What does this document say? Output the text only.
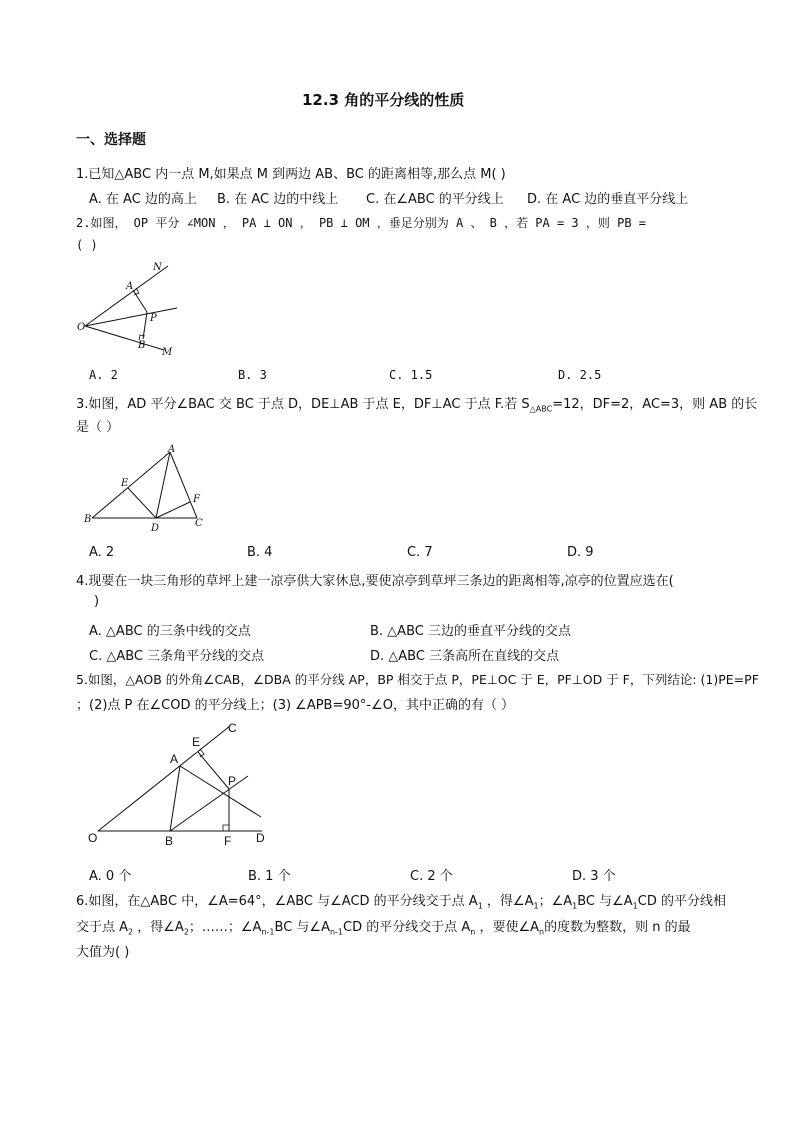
12.3 角的平分线的性质
一、选择题
1.已知△ABC 内一点 M,如果点 M 到两边 AB、BC 的距离相等,那么点 M( )
A. 在 AC 边的高上 B. 在 AC 边的中线上 C. 在∠ABC 的平分线上 D. 在 AC 边的垂直平分线上
2.如图， OP 平分 ∠MON ， PA ⊥ ON ， PB ⊥ OM ，垂足分别为 A 、 B ，若 PA = 3 ，则 PB =
( )
N
A
P
O
B
M
A. 2	B. 3	C. 1.5	D. 2.5
3.如图，AD 平分∠BAC 交 BC 于点 D，DE⊥AB 于点 E，DF⊥AC 于点 F.若 $S_{\triangle ABC}=12$，DF=2，AC=3，则 AB 的长
是（ ）
A
E
F
B
D	C
A. 2	B. 4	C. 7	D. 9
4.现要在一块三角形的草坪上建一凉亭供大家休息,要使凉亭到草坪三条边的距离相等,凉亭的位置应选在(
)
A. △ABC 的三条中线的交点	B. △ABC 三边的垂直平分线的交点
C. △ABC 三条角平分线的交点	D. △ABC 三条高所在直线的交点
5.如图，△AOB 的外角∠CAB，∠DBA 的平分线 AP，BP 相交于点 P，PE⊥OC 于 E，PF⊥OD 于 F，下列结论: (1)PE=PF
；(2)点 P 在∠COD 的平分线上；(3) ∠APB=90°-∠O，其中正确的有（ ）
C
E
A
P
O	B	F D
A. 0 个	B. 1 个	C. 2 个	D. 3 个
6.如图，在△ABC 中，∠A=64°，∠ABC 与∠ACD 的平分线交于点 $A_1$ ，得$\angle A_1$；$\angle A_1BC$ 与$\angle A_1CD$ 的平分线相
交于点 $A_2$ ，得$\angle A_2$；……；$\angle A_{n-1}BC$ 与$\angle A_{n-1}CD$ 的平分线交于点 $A_n$ ，要使$\angle A_n$的度数为整数，则 n 的最
大值为( )
